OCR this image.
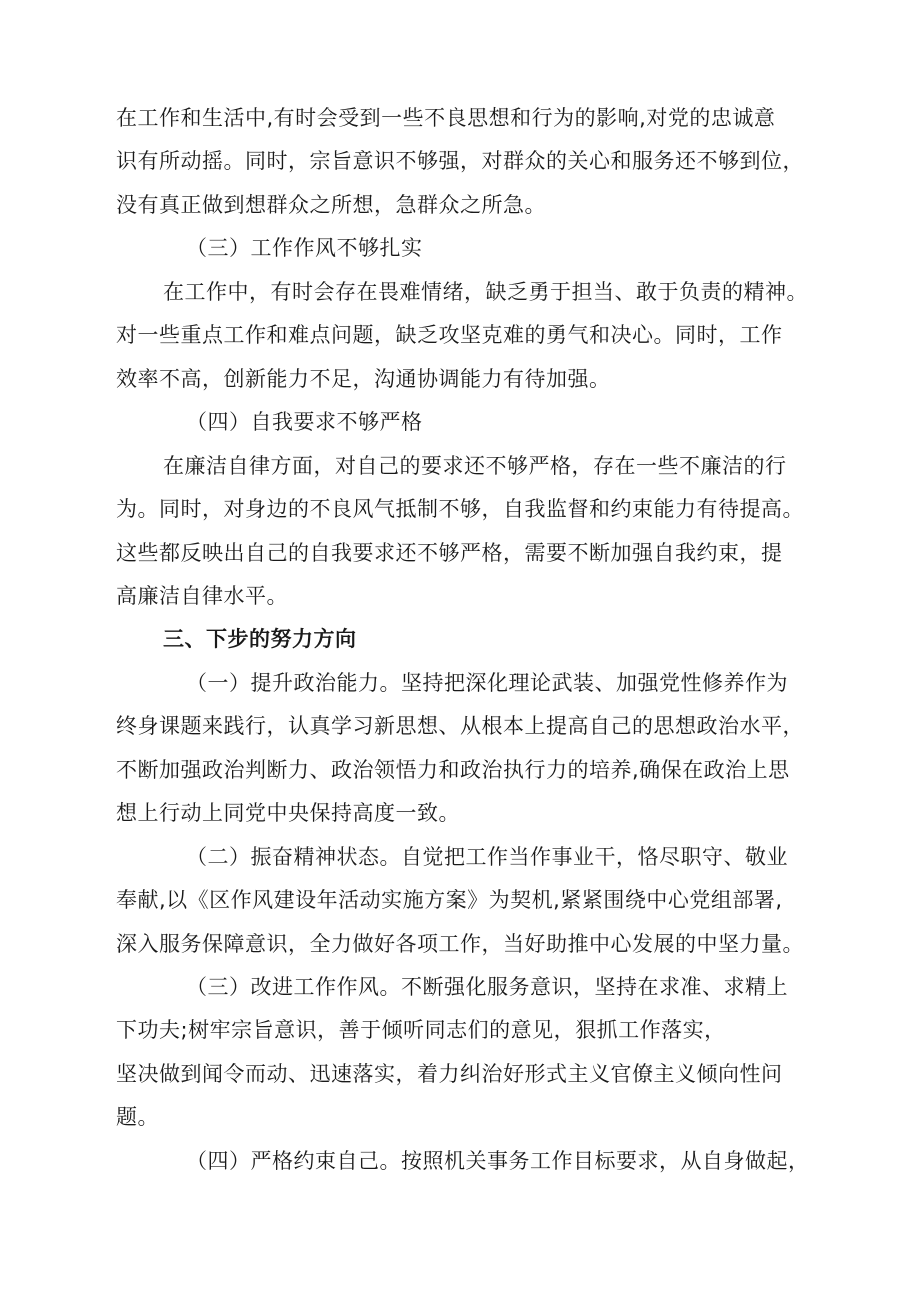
在工作和生活中,有时会受到一些不良思想和行为的影响,对党的忠诚意
识有所动摇。同时，宗旨意识不够强，对群众的关心和服务还不够到位，
没有真正做到想群众之所想，急群众之所急。
（三）工作作风不够扎实
在工作中，有时会存在畏难情绪，缺乏勇于担当、敢于负责的精神。
对一些重点工作和难点问题，缺乏攻坚克难的勇气和决心。同时，工作
效率不高，创新能力不足，沟通协调能力有待加强。
（四）自我要求不够严格
在廉洁自律方面，对自己的要求还不够严格，存在一些不廉洁的行
为。同时，对身边的不良风气抵制不够，自我监督和约束能力有待提高。
这些都反映出自己的自我要求还不够严格，需要不断加强自我约束，提
高廉洁自律水平。
三、下步的努力方向
（一）提升政治能力。坚持把深化理论武装、加强党性修养作为
终身课题来践行，认真学习新思想、从根本上提高自己的思想政治水平，
不断加强政治判断力、政治领悟力和政治执行力的培养,确保在政治上思
想上行动上同党中央保持高度一致。
（二）振奋精神状态。自觉把工作当作事业干，恪尽职守、敬业
奉献,以《区作风建设年活动实施方案》为契机,紧紧围绕中心党组部署,
深入服务保障意识，全力做好各项工作，当好助推中心发展的中坚力量。
（三）改进工作作风。不断强化服务意识，坚持在求准、求精上
下功夫;树牢宗旨意识，善于倾听同志们的意见，狠抓工作落实，
坚决做到闻令而动、迅速落实，着力纠治好形式主义官僚主义倾向性问
题。
（四）严格约束自己。按照机关事务工作目标要求，从自身做起，
